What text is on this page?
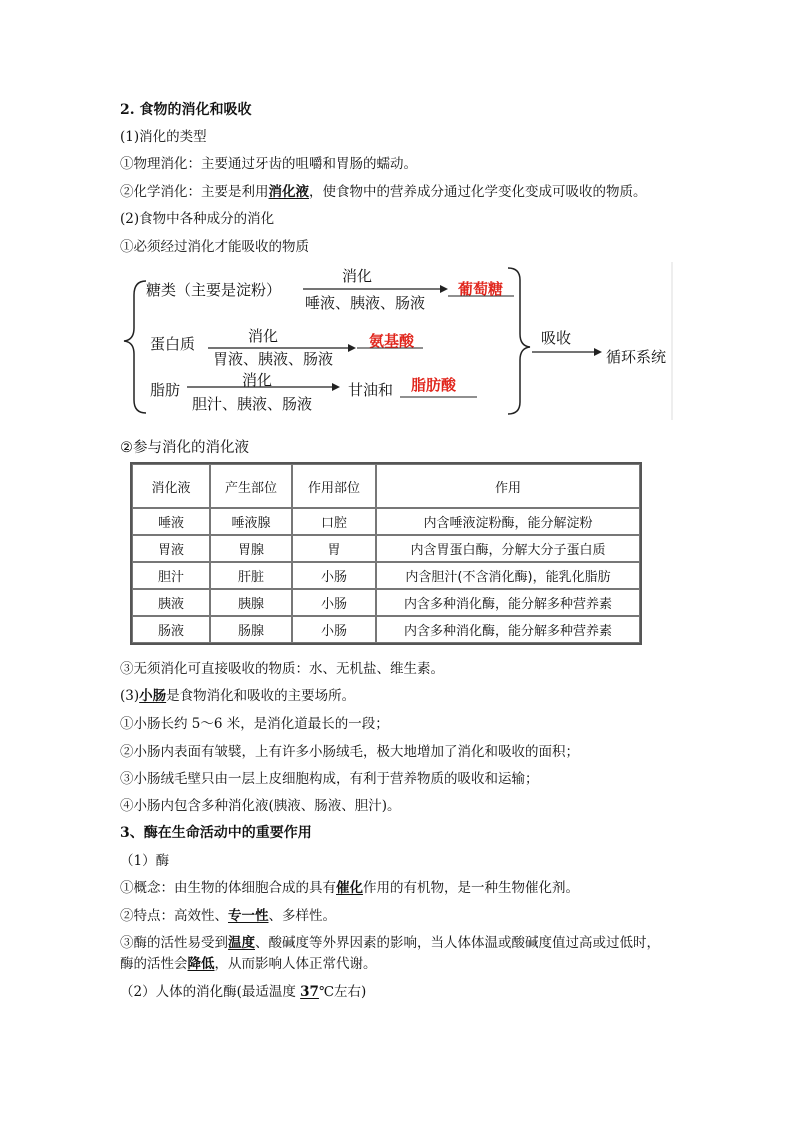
2. 食物的消化和吸收
(1)消化的类型
①物理消化：主要通过牙齿的咀嚼和胃肠的蠕动。
②化学消化：主要是利用消化液，使食物中的营养成分通过化学变化变成可吸收的物质。
(2)食物中各种成分的消化
①必须经过消化才能吸收的物质
糖类（主要是淀粉）
消化
唾液、胰液、肠液
葡萄糖
蛋白质	消化
胃液、胰液、肠液
氨基酸
脂肪
消化
胆汁、胰液、肠液
甘油和 脂肪酸
吸收
循环系统
②参与消化的消化液
消化液	产生部位	作用部位	作用
唾液	唾液腺	口腔	内含唾液淀粉酶，能分解淀粉
胃液	胃腺	胃	内含胃蛋白酶，分解大分子蛋白质
胆汁	肝脏	小肠	内含胆汁(不含消化酶)，能乳化脂肪
胰液	胰腺	小肠	内含多种消化酶，能分解多种营养素
肠液	肠腺	小肠	内含多种消化酶，能分解多种营养素
③无须消化可直接吸收的物质：水、无机盐、维生素。
(3)小肠是食物消化和吸收的主要场所。
①小肠长约 5～6 米，是消化道最长的一段；
②小肠内表面有皱襞，上有许多小肠绒毛，极大地增加了消化和吸收的面积；
③小肠绒毛壁只由一层上皮细胞构成，有利于营养物质的吸收和运输；
④小肠内包含多种消化液(胰液、肠液、胆汁)。
3、酶在生命活动中的重要作用
（1）酶
①概念：由生物的体细胞合成的具有催化作用的有机物，是一种生物催化剂。
②特点：高效性、专一性、多样性。
③酶的活性易受到温度、酸碱度等外界因素的影响，当人体体温或酸碱度值过高或过低时，
酶的活性会降低，从而影响人体正常代谢。
（2）人体的消化酶(最适温度 37℃左右)
